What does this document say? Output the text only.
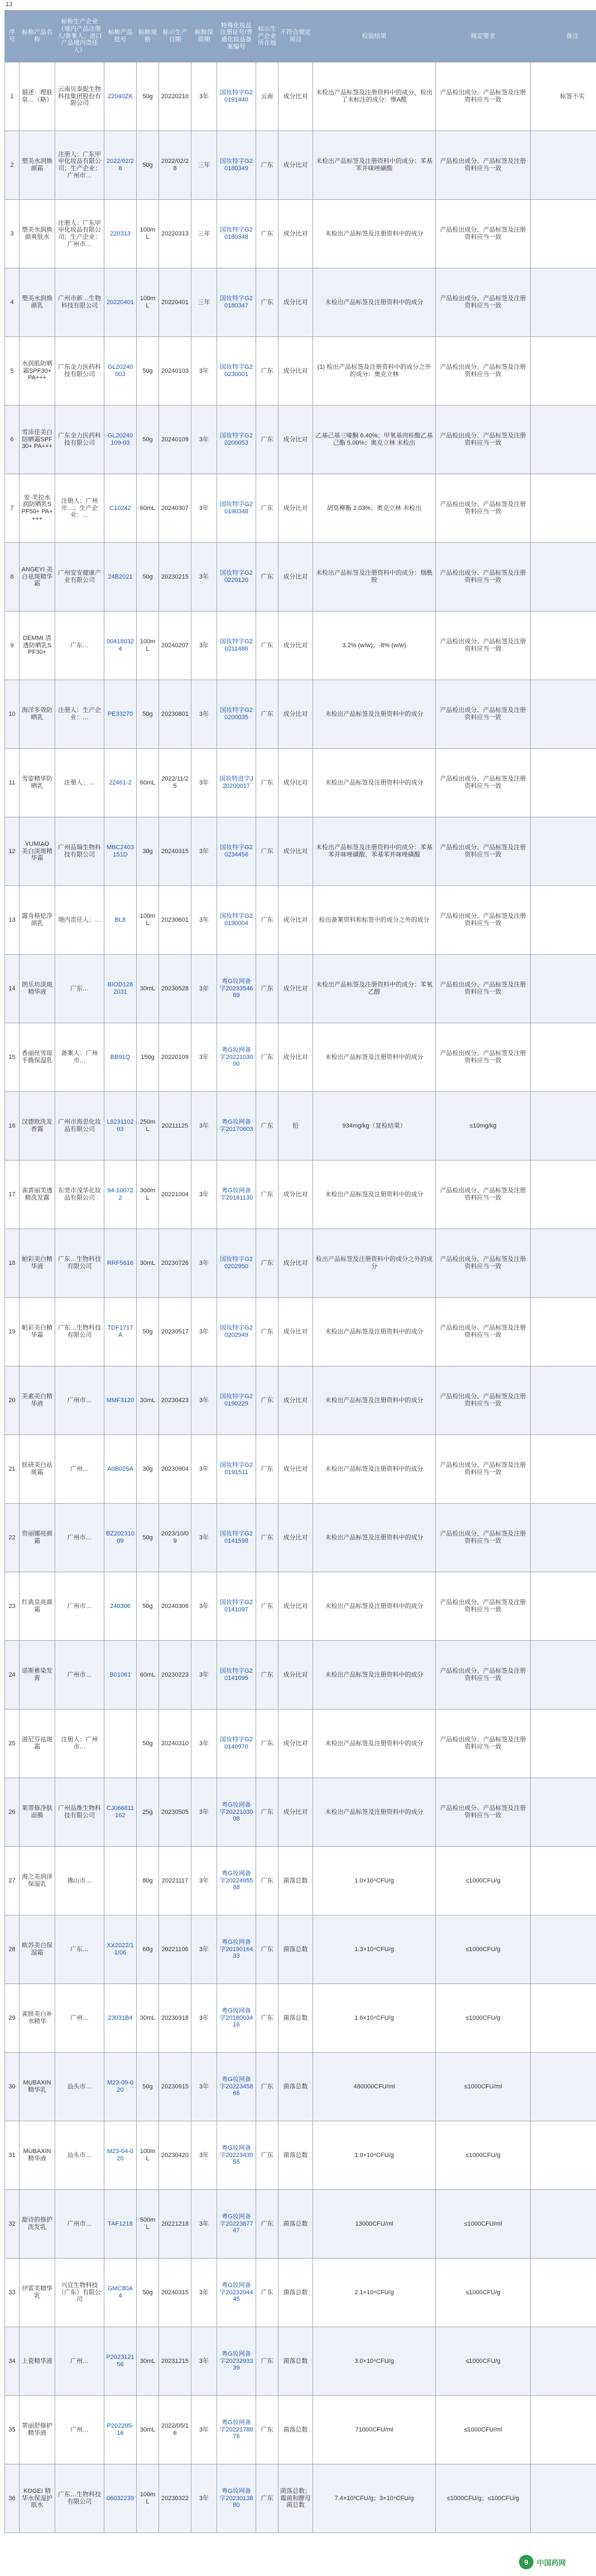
13
序号	标称产品名称	标称生产企业（境内产品注册人/备案人；进口产品境内责任人）	标称产品批号	标称规格	标示生产日期	标称保质期	特殊化妆品注册证号/普通化妆品备案编号	标示生产企业所在地	不符合规定项目	检验结果	规定要求	备注
1	描述：理肤泉…（略）	云南贝泰妮生物科技集团股份有限公司	22040ZK	50g	20220210	3年	国妆特字G20191440	云南	成分比对	未检出产品标签及注册资料中的成分，检出了未标注的成分：维A醛	产品检出成分、产品标签及注册资料应当一致	标签不实
2	塑美水润焕颜霜	注册人：广东甲申化妆品有限公司；生产企业：广州市…	2022/02/28	50g	2022/02/28	三年	国妆特字G20180349	广东	成分比对	未检出产品标签及注册资料中的成分：苯基苯并咪唑磺酸	产品检出成分、产品标签及注册资料应当一致	
3	塑美水润焕颜爽肤水	注册人：广东甲申化妆品有限公司；生产企业：广州市…	220313	100mL	20220313	三年	国妆特字G20180348	广东	成分比对	未检出产品标签及注册资料中的成分	产品检出成分、产品标签及注册资料应当一致	
4	塑美水润焕颜乳	广州市新…生物科技有限公司	20220401	100mL	20220401	三年	国妆特字G20180347	广东	成分比对	未检出产品标签及注册资料中的成分	产品检出成分、产品标签及注册资料应当一致	
5	水润肌防晒霜SPF30+ PA+++	广东金力医药科技有限公司	GL20240003	50g	20240103	3年	国妆特字G20230001	广东	成分比对	(1) 检出产品标签及注册资料中的成分之外的成分：奥克立林	产品检出成分、产品标签及注册资料应当一致	
6	雪沛佳美白防晒霜SPF30+ PA+++	广东金力医药科技有限公司	GL20240109-03	50g	20240109	3年	国妆特字G20200053	广东	成分比对	乙基己基三嗪酮 6.40%；甲氧基肉桂酸乙基己酯 5.00%；奥克立林 未检出	产品检出成分、产品标签及注册资料应当一致	
7	安·芙拉水润防晒乳SPF50+ PA++++	注册人：广州市…；生产企业：…	C10242	60mL	20240307	3年	国妆特字G20190348	广东	成分比对	胡莫柳酯 2.03%；奥克立林 未检出	产品检出成分、产品标签及注册资料应当一致	
8	ANGEYI 美白祛斑精华霜	广州安安健康产业有限公司	24B2021	50g	20230215	3年	国妆特字G20220120	广东	成分比对	未检出产品标签及注册资料中的成分：烟酰胺	产品检出成分、产品标签及注册资料应当一致	
9	DEMMI 清透防晒乳SPF30+	广东…	004180324	100mL	20240207	3年	国妆特字G20211486	广东	成分比对	3.2% (w/w)；-8% (w/w)	产品检出成分、产品标签及注册资料应当一致	
10	海洋多效防晒乳	注册人：生产企业：…	PE33270	50g	20230801	3年	国妆特字G20200035	广东	成分比对	未检出产品标签及注册资料中的成分	产品检出成分、产品标签及注册资料应当一致	
11	雪姿精华防晒乳	注册人：…	22461-2	60mL	2022/11/25	3年	国妆特进字J20200017	广东	成分比对	未检出产品标签及注册资料中的成分	产品检出成分、产品标签及注册资料应当一致	
12	YUMIAO 美白淡斑精华霜	广州品瑞生物科技有限公司	MBC2403151D	30g	20240315	3年	国妆特字G20234456	广东	成分比对	未检出产品标签及注册资料中的成分：苯基苯并咪唑磺酸、苯基苯并咪唑磺酸	产品检出成分、产品标签及注册资料应当一致	
13	露肯格伦净颜乳	境内责任人：…	BL8	100mL	20230601	3年	国妆特字G20190004	广东	成分比对	检出备案资料和标签中的成分之外的成分	产品检出成分、产品标签及注册资料应当一致	
14	朗乐坊淡斑精华液	广东…	BIOD1282031	30mL	20230528	3年	粤G妆网备字2023354669	广东	成分比对	未检出产品标签及注册资料中的成分：苯氧乙醇	产品检出成分、产品标签及注册资料应当一致	
15	香丽丝雪琼手腾保湿乳	备案人：广州市…	BB91Q	150g	20220109	3年	粤G妆网备字2022103000	广东	成分比对	未检出产品标签及注册资料中的成分	产品检出成分、产品标签及注册资料应当一致	
16	汉德欧洗发香露	广州市海思化妆品有限公司	L823110203	250mL	20211125	3年	粤G妆网备字20170603	广东	铅	934mg/kg（复检结果）	≤10mg/kg	
17	雀黄丽芙透精洗发露	东莞市茂华化妆品有限公司	94-100722	300mL	20221004	3年	粤G妆网备字20181130	广东	成分比对	未检出产品标签及注册资料中的成分	产品检出成分、产品标签及注册资料应当一致	
18	帕彩美白精华液	广东…生物科技有限公司	RRF5616	30mL	20230726	3年	国妆特字G20202950	广东	成分比对	检出产品标签及注册资料中的成分之外的成分	产品检出成分、产品标签及注册资料应当一致	
19	帕彩美白精华霜	广东…生物科技有限公司	TDF1717A	50g	20230517	3年	国妆特字G20202949	广东	成分比对	未检出产品标签及注册资料中的成分	产品检出成分、产品标签及注册资料应当一致	
20	美素美白精华液	广州市…	MMF3120	30mL	20230423	3年	国妆特字G20190229	广东	成分比对	未检出产品标签及注册资料中的成分	产品检出成分、产品标签及注册资料应当一致	
21	肤研美白祛斑霜	广州…	A0B025A	30g	20230904	3年	国妆特字G20191511	广东	成分比对	未检出产品标签及注册资料中的成分	产品检出成分、产品标签及注册资料应当一致	
22	资丽娜亮颜霜	广州市…	BZ20231009	50g	2023/10/09	3年	国妆特字G20141598	广东	成分比对	未检出产品标签及注册资料中的成分	产品检出成分、产品标签及注册资料应当一致	
23	红典皇亮颜霜	广州市…	240306	50g	20240306	3年	国妆特字G20141097	广东	成分比对	未检出产品标签及注册资料中的成分	产品检出成分、产品标签及注册资料应当一致	
24	诺斯雅染发膏	广州市…	B01061	60mL	20230223	3年	国妆特字G20141095	广东	成分比对	未检出产品标签及注册资料中的成分	产品检出成分、产品标签及注册资料应当一致	
25	滋尼芬祛斑霜	注册人：广州市…		50g	20240310	3年	国妆特字G20140970	广东	成分比对	未检出产品标签及注册资料中的成分	产品检出成分、产品标签及注册资料应当一致	
26	莱蒂修净肤面膜	广州品维生物科技有限公司	CJ066811162	25g	20230505	3年	粤G妆网备字2022103008	广东	成分比对	未检出产品标签及注册资料中的成分	产品检出成分、产品标签及注册资料应当一致	
27	海之美润泽保湿乳	佛山市…		80g	20221117	3年	粤G妆网备字2022495588	广东	菌落总数	1.0×10⁴CFU/g	≤1000CFU/g	
28	欧苏美白保湿霜	广东…	XX2022/11/06	60g	20221106	3年	粤G妆网备字2019016433	广东	菌落总数	1.3×10⁴CFU/g	≤1000CFU/g	
29	雀肤美白补水精华	广州…	23031B4	30mL	20230318	3年	粤G妆网备字2018003416	广东	菌落总数	1.6×10⁴CFU/g	≤1000CFU/g	
30	MUBAXIN 精华乳	汕头市…	M23-09-020	50g	20230915	3年	粤G妆网备字2022345866	广东	菌落总数	480000CFU/ml	≤1000CFU/ml	
31	MUBAXIN 精华液	汕头市…	M23-04-020	100mL	20230420	3年	粤G妆网备字2022343555	广东	菌落总数	1.9×10⁴CFU/g	≤1000CFU/g	
32	甜诗韵修护洗发乳	广州市…	TAF1218	500mL	20221218	3年	粤G妆网备字2022387747	广东	菌落总数	13000CFU/ml	≤1000CFU/ml	
33	伊雷芙精华乳	兴宜生物科技（广东）有限公司	GMC80A4	50g	20240315	3年	粤G妆网备字2023204445	广东	菌落总数	2.1×10⁴CFU/g	≤1000CFU/g	
34	上瓷精华液	广州…	P202312156	30mL	20231215	3年	粤G妆网备字2023293339	广东	菌落总数	3.0×10⁴CFU/g	≤1000CFU/g	
35	蒂丽舒修护精华液	广州…	P202205-16	30mL	2022/05/16	3年	粤G妆网备字2022178876	广东	菌落总数	71000CFU/ml	≤1000CFU/ml	
36	KOGEI 精华水保湿护肤水	广东…生物科技有限公司	06032239	100mL	20230322	3年	粤G妆网备字2023013880	广东	菌落总数；霉菌和酵母菌总数	7.4×10³CFU/g；3×10⁴CFU/g	≤1000CFU/g；≤100CFU/g	
9	中国药网
